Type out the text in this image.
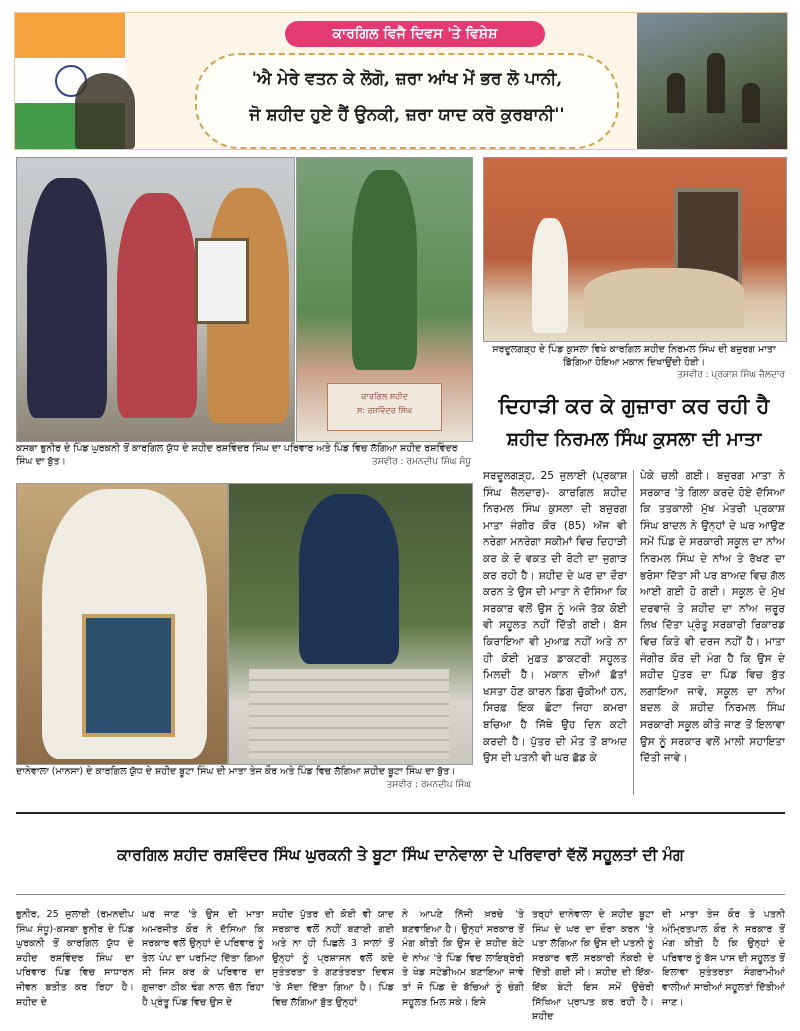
ਕਾਰਗਿਲ ਵਿਜੈ ਦਿਵਸ 'ਤੇ ਵਿਸ਼ੇਸ਼
'ਐ ਮੇਰੇ ਵਤਨ ਕੇ ਲੋਗੋ, ਜ਼ਰਾ ਆਂਖ ਮੇਂ ਭਰ ਲੋ ਪਾਨੀ,
ਜੋ ਸ਼ਹੀਦ ਹੁਏ ਹੈਂ ਉਨਕੀ, ਜ਼ਰਾ ਯਾਦ ਕਰੋ ਕੁਰਬਾਨੀ''
ਕਾਰਗਿਲ ਸ਼ਹੀਦ
ਸ: ਰਸ਼ਵਿੰਦਰ ਸਿੰਘ
ਕਸਬਾ ਭੁਨੀਰ ਦੇ ਪਿੰਡ ਘੁਰਕਨੀ ਤੋਂ ਕਾਰਗਿਲ ਯੁੱਧ ਦੇ ਸ਼ਹੀਦ ਰਸ਼ਵਿੰਦਰ ਸਿੰਘ ਦਾ ਪਰਿਵਾਰ ਅਤੇ ਪਿੰਡ ਵਿਚ ਲੱਗਿਆ ਸ਼ਹੀਦ ਰਸ਼ਵਿੰਦਰ ਸਿੰਘ ਦਾ ਬੁੱਤ।	ਤਸਵੀਰ : ਰਮਨਦੀਪ ਸਿੰਘ ਸੰਧੂ
ਸਰਦੂਲਗੜ੍ਹ ਦੇ ਪਿੰਡ ਕੁਸਲਾ ਵਿਖੇ ਕਾਰਗਿਲ ਸ਼ਹੀਦ ਨਿਰਮਲ ਸਿੰਘ ਦੀ ਬਜ਼ੁਰਗ ਮਾਤਾ ਡਿੱਗਿਆ ਹੋਇਆ ਮਕਾਨ ਦਿਖਾਉਂਦੀ ਹੋਈ।
ਤਸਵੀਰ : ਪ੍ਰਕਾਸ਼ ਸਿੰਘ ਜ਼ੈਲਦਾਰ
ਦਿਹਾੜੀ ਕਰ ਕੇ ਗੁਜ਼ਾਰਾ ਕਰ ਰਹੀ ਹੈ
ਸ਼ਹੀਦ ਨਿਰਮਲ ਸਿੰਘ ਕੁਸਲਾ ਦੀ ਮਾਤਾ
ਦਾਨੇਵਾਲਾ (ਮਾਨਸਾ) ਦੇ ਕਾਰਗਿਲ ਯੁੱਧ ਦੇ ਸ਼ਹੀਦ ਬੂਟਾ ਸਿੰਘ ਦੀ ਮਾਤਾ ਤੇਜ ਕੌਰ ਅਤੇ ਪਿੰਡ ਵਿਚ ਲੱਗਿਆ ਸ਼ਹੀਦ ਬੂਟਾ ਸਿੰਘ ਦਾ ਬੁੱਤ।
ਤਸਵੀਰ : ਰਮਨਦੀਪ ਸਿੰਘ
ਸਰਦੂਲਗੜ੍ਹ, 25 ਜੁਲਾਈ (ਪ੍ਰਕਾਸ਼ ਸਿੰਘ ਜ਼ੈਲਦਾਰ)- ਕਾਰਗਿਲ ਸ਼ਹੀਦ ਨਿਰਮਲ ਸਿੰਘ ਕੁਸਲਾ ਦੀ ਬਜ਼ੁਰਗ ਮਾਤਾ ਜੰਗੀਰ ਕੌਰ (85) ਅੱਜ ਵੀ ਨਰੇਗਾ ਮਨਰੇਗਾ ਸਕੀਮਾਂ ਵਿਚ ਦਿਹਾੜੀ ਕਰ ਕੇ ਦੋ ਵਕਤ ਦੀ ਰੋਟੀ ਦਾ ਜੁਗਾੜ ਕਰ ਰਹੀ ਹੈ। ਸ਼ਹੀਦ ਦੇ ਘਰ ਦਾ ਦੌਰਾ ਕਰਨ ਤੇ ਉਸ ਦੀ ਮਾਤਾ ਨੇ ਦੱਸਿਆ ਕਿ ਸਰਕਾਰ ਵਲੋਂ ਉਸ ਨੂੰ ਅਜੇ ਤੱਕ ਕੋਈ ਵੀ ਸਹੂਲਤ ਨਹੀਂ ਦਿੱਤੀ ਗਈ। ਬੱਸ ਕਿਰਾਇਆ ਵੀ ਮੁਆਫ਼ ਨਹੀਂ ਅਤੇ ਨਾ ਹੀ ਕੋਈ ਮੁਫ਼ਤ ਡਾਕਟਰੀ ਸਹੂਲਤ ਮਿਲਦੀ ਹੈ। ਮਕਾਨ ਦੀਆਂ ਛੱਤਾਂ ਖਸਤਾ ਹੋਣ ਕਾਰਨ ਡਿਗ ਚੁੱਕੀਆਂ ਹਨ, ਸਿਰਫ਼ ਇਕ ਛੋਟਾ ਜਿਹਾ ਕਮਰਾ ਬਚਿਆ ਹੈ ਜਿੱਥੇ ਉਹ ਦਿਨ ਕਟੀ ਕਰਦੀ ਹੈ। ਪੁੱਤਰ ਦੀ ਮੌਤ ਤੋਂ ਬਾਅਦ ਉਸ ਦੀ ਪਤਨੀ ਵੀ ਘਰ ਛੱਡ ਕੇ
ਪੇਕੇ ਚਲੀ ਗਈ। ਬਜ਼ੁਰਗ ਮਾਤਾ ਨੇ ਸਰਕਾਰ 'ਤੇ ਗਿਲਾ ਕਰਦੇ ਹੋਏ ਦੱਸਿਆ ਕਿ ਤਤਕਾਲੀ ਮੁੱਖ ਮੰਤਰੀ ਪ੍ਰਕਾਸ਼ ਸਿੰਘ ਬਾਦਲ ਨੇ ਉਨ੍ਹਾਂ ਦੇ ਘਰ ਆਉਣ ਸਮੇਂ ਪਿੰਡ ਦੇ ਸਰਕਾਰੀ ਸਕੂਲ ਦਾ ਨਾਂਅ ਨਿਰਮਲ ਸਿੰਘ ਦੇ ਨਾਂਅ ਤੇ ਰੱਖਣ ਦਾ ਭਰੋਸਾ ਦਿੱਤਾ ਸੀ ਪਰ ਬਾਅਦ ਵਿਚ ਗੱਲ ਆਈ ਗਈ ਹੋ ਗਈ। ਸਕੂਲ ਦੇ ਮੁੱਖ ਦਰਵਾਜ਼ੇ ਤੇ ਸ਼ਹੀਦ ਦਾ ਨਾਂਅ ਜ਼ਰੂਰ ਲਿਖ ਦਿੱਤਾ ਪ੍ਰੰਤੂ ਸਰਕਾਰੀ ਰਿਕਾਰਡ ਵਿਚ ਕਿਤੇ ਵੀ ਦਰਜ ਨਹੀਂ ਹੈ। ਮਾਤਾ ਜੰਗੀਰ ਕੌਰ ਦੀ ਮੰਗ ਹੈ ਕਿ ਉਸ ਦੇ ਸ਼ਹੀਦ ਪੁੱਤਰ ਦਾ ਪਿੰਡ ਵਿਚ ਬੁੱਤ ਲਗਾਇਆ ਜਾਵੇ, ਸਕੂਲ ਦਾ ਨਾਂਅ ਬਦਲ ਕੇ ਸ਼ਹੀਦ ਨਿਰਮਲ ਸਿੰਘ ਸਰਕਾਰੀ ਸਕੂਲ ਕੀਤੇ ਜਾਣ ਤੋਂ ਇਲਾਵਾ ਉਸ ਨੂੰ ਸਰਕਾਰ ਵਲੋਂ ਮਾਲੀ ਸਹਾਇਤਾ ਦਿੱਤੀ ਜਾਵੇ।
ਕਾਰਗਿਲ ਸ਼ਹੀਦ ਰਸ਼ਵਿੰਦਰ ਸਿੰਘ ਘੁਰਕਨੀ ਤੇ ਬੂਟਾ ਸਿੰਘ ਦਾਨੇਵਾਲਾ ਦੇ ਪਰਿਵਾਰਾਂ ਵੱਲੋਂ ਸਹੂਲਤਾਂ ਦੀ ਮੰਗ
ਭੁਨੀਰ, 25 ਜੁਲਾਈ (ਰਮਨਦੀਪ ਸਿੰਘ ਸੰਧੂ)-ਕਸਬਾ ਭੁਨੀਰ ਦੇ ਪਿੰਡ ਘੁਰਕਨੀ ਤੋਂ ਕਾਰਗਿਲ ਯੁੱਧ ਦੇ ਸ਼ਹੀਦ ਰਸ਼ਵਿੰਦਰ ਸਿੰਘ ਦਾ ਪਰਿਵਾਰ ਪਿੰਡ ਵਿਚ ਸਾਧਾਰਨ ਜੀਵਨ ਬਤੀਤ ਕਰ ਰਿਹਾ ਹੈ। ਸ਼ਹੀਦ ਦੇ
ਘਰ ਜਾਣ 'ਤੇ ਉਸ ਦੀ ਮਾਤਾ ਅਮਰਜੀਤ ਕੌਰ ਨੇ ਦੱਸਿਆ ਕਿ ਸਰਕਾਰ ਵਲੋਂ ਉਨ੍ਹਾਂ ਦੇ ਪਰਿਵਾਰ ਨੂੰ ਤੇਲ ਪੰਪ ਦਾ ਪਰਮਿਟ ਦਿੱਤਾ ਗਿਆ ਸੀ ਜਿਸ ਕਰ ਕੇ ਪਰਿਵਾਰ ਦਾ ਗੁਜ਼ਾਰਾ ਠੀਕ ਢੰਗ ਨਾਲ ਚੱਲ ਰਿਹਾ ਹੈ ਪ੍ਰੰਤੂ ਪਿੰਡ ਵਿਚ ਉਸ ਦੇ
ਸ਼ਹੀਦ ਪੁੱਤਰ ਦੀ ਕੋਈ ਵੀ ਯਾਦ ਸਰਕਾਰ ਵਲੋਂ ਨਹੀਂ ਬਣਾਈ ਗਈ ਅਤੇ ਨਾ ਹੀ ਪਿਛਲੇ 3 ਸਾਲਾਂ ਤੋਂ ਉਨ੍ਹਾਂ ਨੂੰ ਪ੍ਰਸ਼ਾਸਨ ਵਲੋਂ ਕਦੇ ਸੁਤੰਤਰਤਾ ਤੇ ਗਣਤੰਤਰਤਾ ਦਿਵਸ 'ਤੇ ਸੱਦਾ ਦਿੱਤਾ ਗਿਆ ਹੈ। ਪਿੰਡ ਵਿਚ ਲੱਗਿਆ ਬੁੱਤ ਉਨ੍ਹਾਂ
ਨੇ ਆਪਣੇ ਨਿੱਜੀ ਖ਼ਰਚੇ 'ਤੇ ਬਣਵਾਇਆ ਹੈ। ਉਨ੍ਹਾਂ ਸਰਕਾਰ ਤੋਂ ਮੰਗ ਕੀਤੀ ਕਿ ਉਸ ਦੇ ਸ਼ਹੀਦ ਬੇਟੇ ਦੇ ਨਾਂਅ 'ਤੇ ਪਿੰਡ ਵਿਚ ਲਾਇਬ੍ਰੇਰੀ ਤੇ ਖੇਡ ਸਟੇਡੀਅਮ ਬਣਾਇਆ ਜਾਵੇ ਤਾਂ ਜੋ ਪਿੰਡ ਦੇ ਬੱਚਿਆਂ ਨੂੰ ਚੰਗੀ ਸਹੂਲਤ ਮਿਲ ਸਕੇ। ਇਸੇ
ਤਰ੍ਹਾਂ ਦਾਨੇਵਾਲਾ ਦੇ ਸ਼ਹੀਦ ਬੂਟਾ ਸਿੰਘ ਦੇ ਘਰ ਦਾ ਦੌਰਾ ਕਰਨ 'ਤੇ ਪਤਾ ਲੱਗਿਆ ਕਿ ਉਸ ਦੀ ਪਤਨੀ ਨੂੰ ਸਰਕਾਰ ਵਲੋਂ ਸਰਕਾਰੀ ਨੌਕਰੀ ਦੇ ਦਿੱਤੀ ਗਈ ਸੀ। ਸ਼ਹੀਦ ਦੀ ਇੱਕ-ਇੱਕ ਬੇਟੀ ਇਸ ਸਮੇਂ ਉਚੇਰੀ ਸਿੱਖਿਆ ਪ੍ਰਾਪਤ ਕਰ ਰਹੀ ਹੈ। ਸ਼ਹੀਦ
ਦੀ ਮਾਤਾ ਤੇਜ ਕੌਰ ਤੇ ਪਤਨੀ ਅੰਮ੍ਰਿਤਪਾਲ ਕੌਰ ਨੇ ਸਰਕਾਰ ਤੋਂ ਮੰਗ ਕੀਤੀ ਹੈ ਕਿ ਉਨ੍ਹਾਂ ਦੇ ਪਰਿਵਾਰ ਨੂੰ ਬੱਸ ਪਾਸ ਦੀ ਸਹੂਲਤ ਤੋਂ ਇਲਾਵਾ ਸੁਤੰਤਰਤਾ ਸੰਗਰਾਮੀਆਂ ਵਾਲੀਆਂ ਸਾਰੀਆਂ ਸਹੂਲਤਾਂ ਦਿੱਤੀਆਂ ਜਾਣ।
